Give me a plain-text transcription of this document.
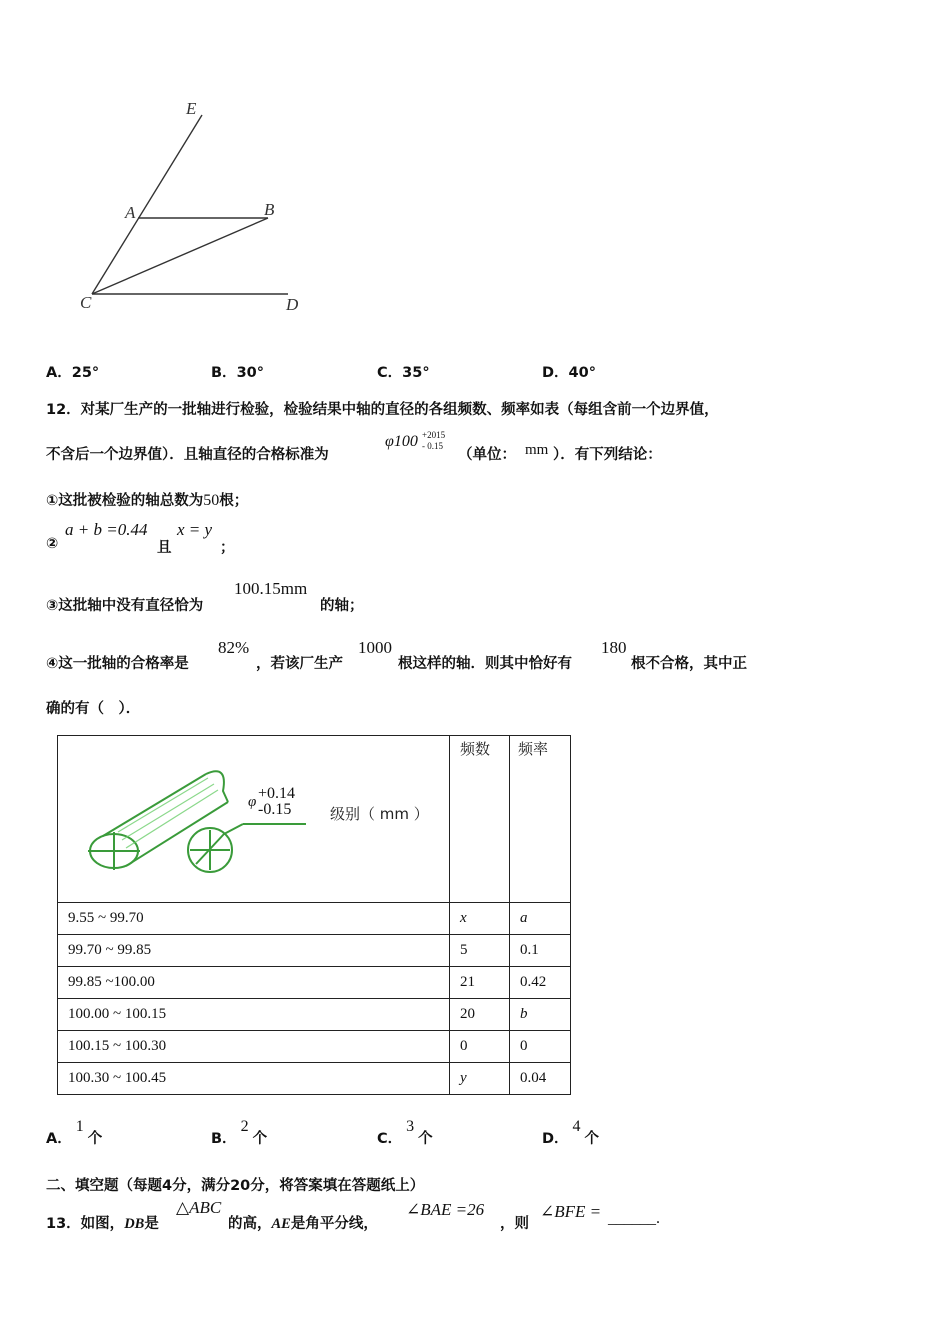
E
A	B
C	D
A．25°	B．30°	C．35°	D．40°
12．对某厂生产的一批轴进行检验，检验结果中轴的直径的各组频数、频率如表（每组含前一个边界值，
不含后一个边界值）．且轴直径的合格标准为
φ100 +2015
- 0.15
（单位： mm ）．有下列结论：
①这批被检验的轴总数为50根；
②
a + b =0.44
且
x = y
；
③这批轴中没有直径恰为
100.15mm
的轴；
④这一批轴的合格率是
82%
，若该厂生产
1000
根这样的轴．则其中恰好有
180
根不合格，其中正
确的有（　）．
φ +0.14
-0.15 级别（ mm ）	频数	频率
9.55 ~ 99.70	x	a
99.70 ~ 99.85	5	0.1
99.85 ~100.00	21	0.42
100.00 ~ 100.15	20	b
100.15 ~ 100.30	0	0
100.30 ~ 100.45	y	0.04
A．1个	B．2个	C．3个	D．4个
二、填空题（每题4分，满分20分，将答案填在答题纸上）
13．如图，DB是
△ABC
的高，AE是角平分线，
∠BAE =26
，则
∠BFE = ______.
